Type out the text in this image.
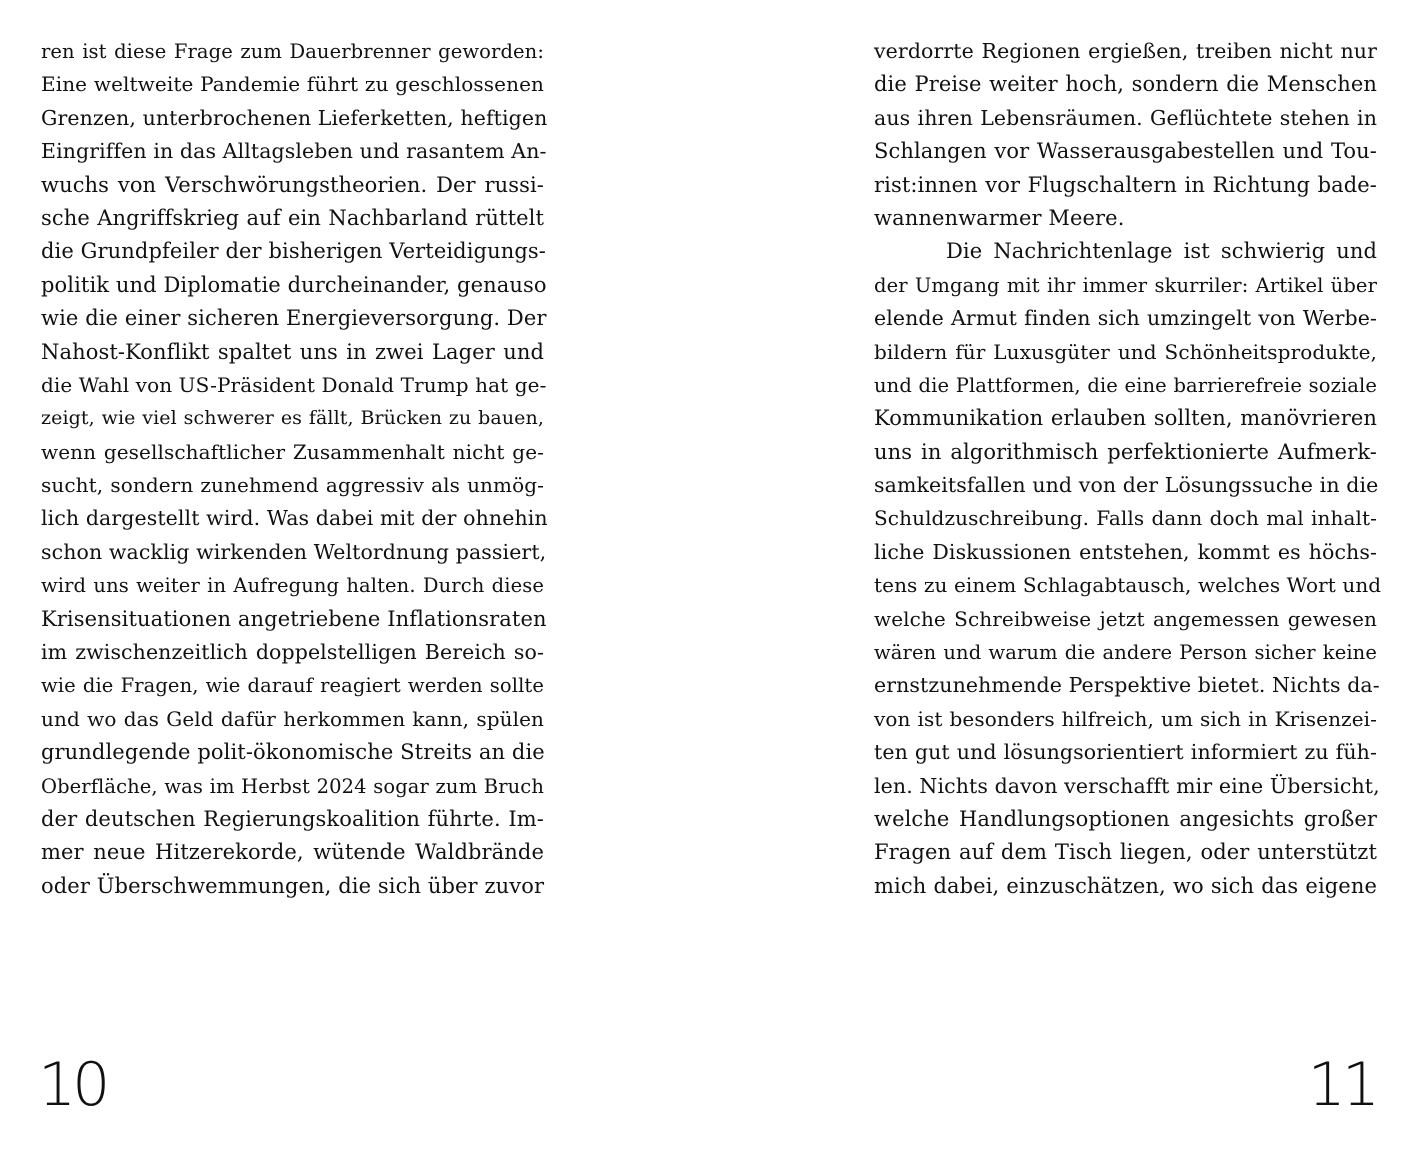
ren ist diese Frage zum Dauerbrenner geworden:
Eine weltweite Pandemie führt zu geschlossenen
Grenzen, unterbrochenen Lieferketten, heftigen
Eingriffen in das Alltagsleben und rasantem An-
wuchs von Verschwörungstheorien. Der russi-
sche Angriffskrieg auf ein Nachbarland rüttelt
die Grundpfeiler der bisherigen Verteidigungs-
politik und Diplomatie durcheinander, genauso
wie die einer sicheren Energieversorgung. Der
Nahost-Konflikt spaltet uns in zwei Lager und
die Wahl von US-Präsident Donald Trump hat ge-
zeigt, wie viel schwerer es fällt, Brücken zu bauen,
wenn gesellschaftlicher Zusammenhalt nicht ge-
sucht, sondern zunehmend aggressiv als unmög-
lich dargestellt wird. Was dabei mit der ohnehin
schon wacklig wirkenden Weltordnung passiert,
wird uns weiter in Aufregung halten. Durch diese
Krisensituationen angetriebene Inflationsraten
im zwischenzeitlich doppelstelligen Bereich so-
wie die Fragen, wie darauf reagiert werden sollte
und wo das Geld dafür herkommen kann, spülen
grundlegende polit-ökonomische Streits an die
Oberfläche, was im Herbst 2024 sogar zum Bruch
der deutschen Regierungskoalition führte. Im-
mer neue Hitzerekorde, wütende Waldbrände
oder Überschwemmungen, die sich über zuvor
verdorrte Regionen ergießen, treiben nicht nur
die Preise weiter hoch, sondern die Menschen
aus ihren Lebensräumen. Geflüchtete stehen in
Schlangen vor Wasserausgabestellen und Tou-
rist:innen vor Flugschaltern in Richtung bade-
wannenwarmer Meere.
Die Nachrichtenlage ist schwierig und
der Umgang mit ihr immer skurriler: Artikel über
elende Armut finden sich umzingelt von Werbe-
bildern für Luxusgüter und Schönheitsprodukte,
und die Plattformen, die eine barrierefreie soziale
Kommunikation erlauben sollten, manövrieren
uns in algorithmisch perfektionierte Aufmerk-
samkeitsfallen und von der Lösungssuche in die
Schuldzuschreibung. Falls dann doch mal inhalt-
liche Diskussionen entstehen, kommt es höchs-
tens zu einem Schlagabtausch, welches Wort und
welche Schreibweise jetzt angemessen gewesen
wären und warum die andere Person sicher keine
ernstzunehmende Perspektive bietet. Nichts da-
von ist besonders hilfreich, um sich in Krisenzei-
ten gut und lösungsorientiert informiert zu füh-
len. Nichts davon verschafft mir eine Übersicht,
welche Handlungsoptionen angesichts großer
Fragen auf dem Tisch liegen, oder unterstützt
mich dabei, einzuschätzen, wo sich das eigene
10	11
